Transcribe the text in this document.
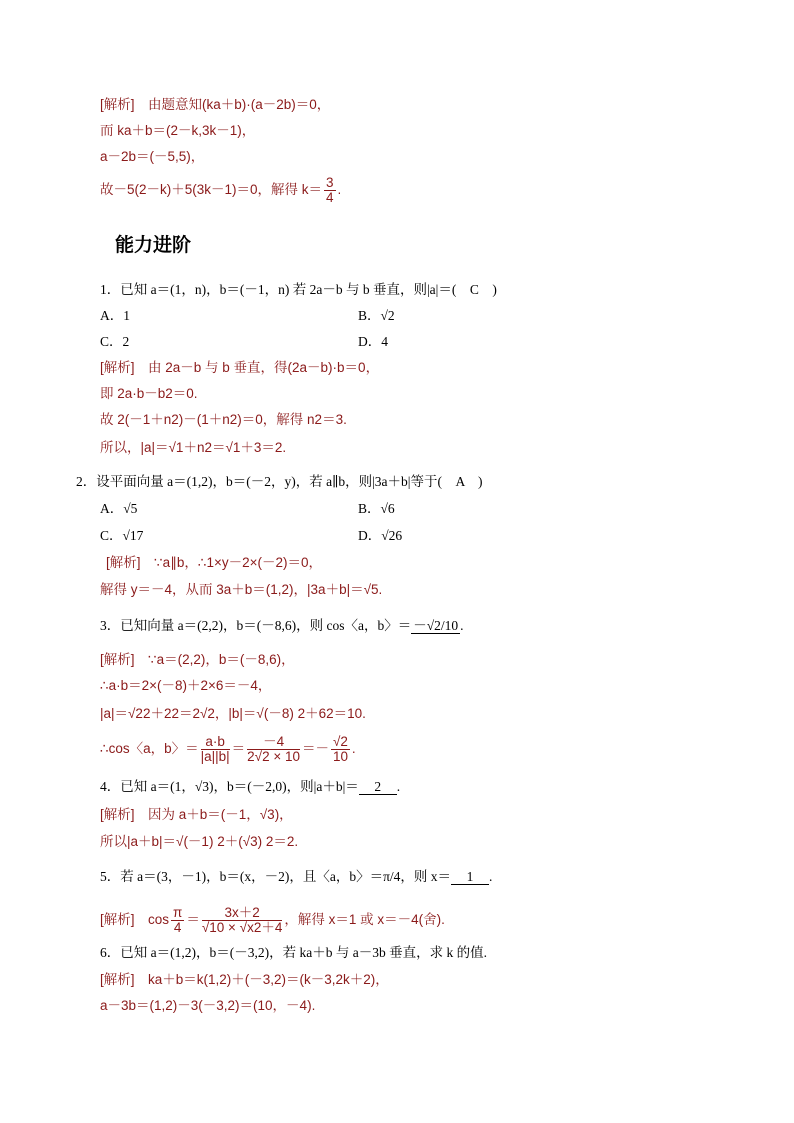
[解析]　由题意知(ka＋b)·(a－2b)＝0，
而 ka＋b＝(2－k,3k－1)，
a－2b＝(－5,5)，
故－5(2－k)＋5(3k－1)＝0，解得 $k= \frac{3}{4}$ .
能力进阶
1．已知 a＝(1，n)，b＝(－1，n) 若 2a－b 与 b 垂直，则|a|＝(　C　)
A．1	B．√2
C．2	D．4
[解析]　由 2a－b 与 b 垂直，得(2a－b)·b＝0，
即 2a·b－b2＝0.
故 2(－1＋n2)－(1＋n2)＝0，解得 n2＝3.
所以，|a|＝√1＋n2＝√1＋3＝2.
2．设平面向量 a＝(1,2)，b＝(－2，y)，若 a∥b，则|3a＋b|等于(　A　)
A．√5	B．√6
C．√17	D．√26
[解析]　∵a∥b，∴1×y－2×(－2)＝0，
解得 y＝－4，从而 3a＋b＝(1,2)，|3a＋b|＝√5.
3．已知向量 a＝(2,2)，b＝(－8,6)，则 cos〈a，b〉＝ －√2/10 .
[解析]　∵a＝(2,2)，b＝(－8,6)，
∴a·b＝2×(－8)＋2×6＝－4，
|a|＝√22＋22＝2√2，|b|＝√(－8) 2＋62＝10.
∴cos〈a，b〉＝ $\frac{a\cdot b}{|a||b|} = \frac{-4}{2√2 \times 10} =- \frac{√2}{10}$ .
4．已知 a＝(1，√3)，b＝(－2,0)，则|a＋b|＝ 2 .
[解析]　因为 a＋b＝(－1，√3)，
所以|a＋b|＝√(－1) 2＋(√3) 2＝2.
5．若 a＝(3，－1)，b＝(x，－2)，且〈a，b〉＝π/4，则 x＝ 1 .
[解析]　$\cos \frac{\pi}{4} = \frac{3x+2}{√10 \times √x2+4}$ ，解得 x＝1 或 x＝－4(舍).
6．已知 a＝(1,2)，b＝(－3,2)，若 ka＋b 与 a－3b 垂直，求 k 的值.
[解析]　ka＋b＝k(1,2)＋(－3,2)＝(k－3,2k＋2)，
a－3b＝(1,2)－3(－3,2)＝(10，－4).
